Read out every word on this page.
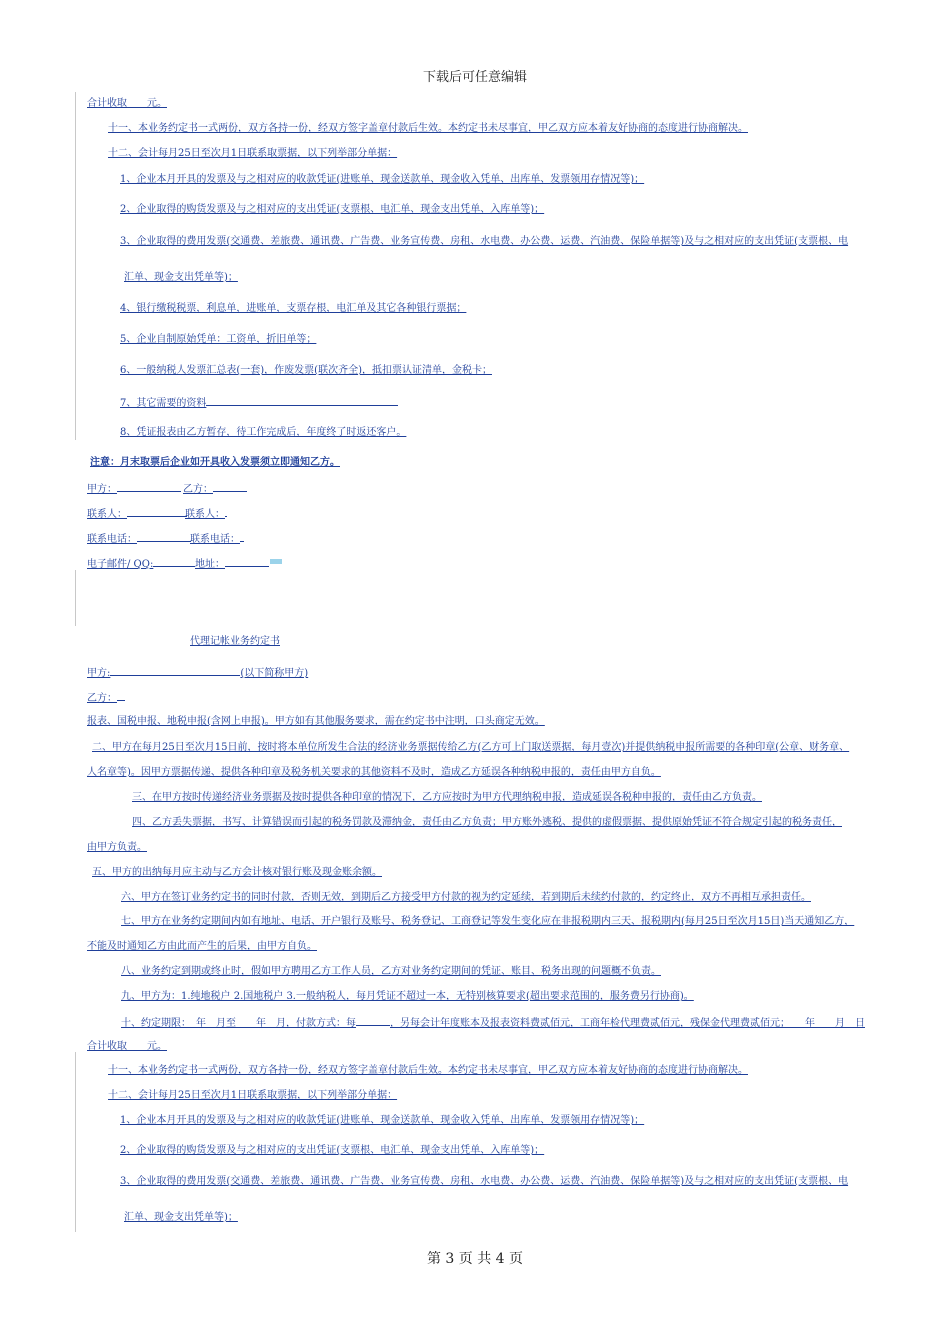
下载后可任意编辑
合计收取　　元。
十一、本业务约定书一式两份，双方各持一份，经双方签字盖章付款后生效。本约定书未尽事宜，甲乙双方应本着友好协商的态度进行协商解决。
十二、会计每月25日至次月1日联系取票据，以下列举部分单据：
1、企业本月开具的发票及与之相对应的收款凭证(进账单、现金送款单、现金收入凭单、出库单、发票领用存情况等)；
2、企业取得的购货发票及与之相对应的支出凭证(支票根、电汇单、现金支出凭单、入库单等)；
3、企业取得的费用发票(交通费、差旅费、通讯费、广告费、业务宣传费、房租、水电费、办公费、运费、汽油费、保险单据等)及与之相对应的支出凭证(支票根、电
汇单、现金支出凭单等)；
4、银行缴税税票，利息单，进账单，支票存根，电汇单及其它各种银行票据；
5、企业自制原始凭单：工资单，折旧单等；
6、一般纳税人发票汇总表(一套)，作废发票(联次齐全)，抵扣票认证清单，金税卡；
7、其它需要的资料
8、凭证报表由乙方暂存，待工作完成后，年度终了时返还客户。
注意：月末取票后企业如开具收入发票须立即通知乙方。
甲方：	乙方：
联系人：	联系人：
联系电话：	联系电话：
电子邮件/ QQ:	地址：
代理记帐业务约定书
甲方:	(以下简称甲方)
乙方：
报表、国税申报、地税申报(含网上申报)。甲方如有其他服务要求，需在约定书中注明，口头商定无效。
二、甲方在每月25日至次月15日前，按时将本单位所发生合法的经济业务票据传给乙方(乙方可上门取送票据，每月壹次)并提供纳税申报所需要的各种印章(公章、财务章、
人名章等)。因甲方票据传递、提供各种印章及税务机关要求的其他资料不及时，造成乙方延误各种纳税申报的，责任由甲方自负。
三、在甲方按时传递经济业务票据及按时提供各种印章的情况下，乙方应按时为甲方代理纳税申报，造成延误各税种申报的，责任由乙方负责。
四、乙方丢失票据，书写、计算错误而引起的税务罚款及滞纳金，责任由乙方负责；甲方账外逃税、提供的虚假票据、提供原始凭证不符合规定引起的税务责任，
由甲方负责。
五、甲方的出纳每月应主动与乙方会计核对银行账及现金账余额。
六、甲方在签订业务约定书的同时付款，否则无效，到期后乙方接受甲方付款的视为约定延续，若到期后未续约付款的，约定终止，双方不再相互承担责任。
七、甲方在业务约定期间内如有地址、电话、开户银行及账号、税务登记、工商登记等发生变化应在非报税期内三天、报税期内(每月25日至次月15日)当天通知乙方，
不能及时通知乙方由此而产生的后果，由甲方自负。
八、业务约定到期或终止时，假如甲方聘用乙方工作人员，乙方对业务约定期间的凭证、账目、税务出现的问题概不负责。
九、甲方为：1.纯地税户 2.国地税户 3.一般纳税人，每月凭证不超过一本，无特别核算要求(超出要求范围的，服务费另行协商)。
十、约定期限：　年　月至　　年　月，付款方式：每	，另每会计年度账本及报表资料费贰佰元，工商年检代理费贰佰元，残保金代理费贰佰元；　　年　　月　日
合计收取　　元。
十一、本业务约定书一式两份，双方各持一份，经双方签字盖章付款后生效。本约定书未尽事宜，甲乙双方应本着友好协商的态度进行协商解决。
十二、会计每月25日至次月1日联系取票据，以下列举部分单据：
1、企业本月开具的发票及与之相对应的收款凭证(进账单、现金送款单、现金收入凭单、出库单、发票领用存情况等)；
2、企业取得的购货发票及与之相对应的支出凭证(支票根、电汇单、现金支出凭单、入库单等)；
3、企业取得的费用发票(交通费、差旅费、通讯费、广告费、业务宣传费、房租、水电费、办公费、运费、汽油费、保险单据等)及与之相对应的支出凭证(支票根、电
汇单、现金支出凭单等)；
第 3 页 共 4 页
